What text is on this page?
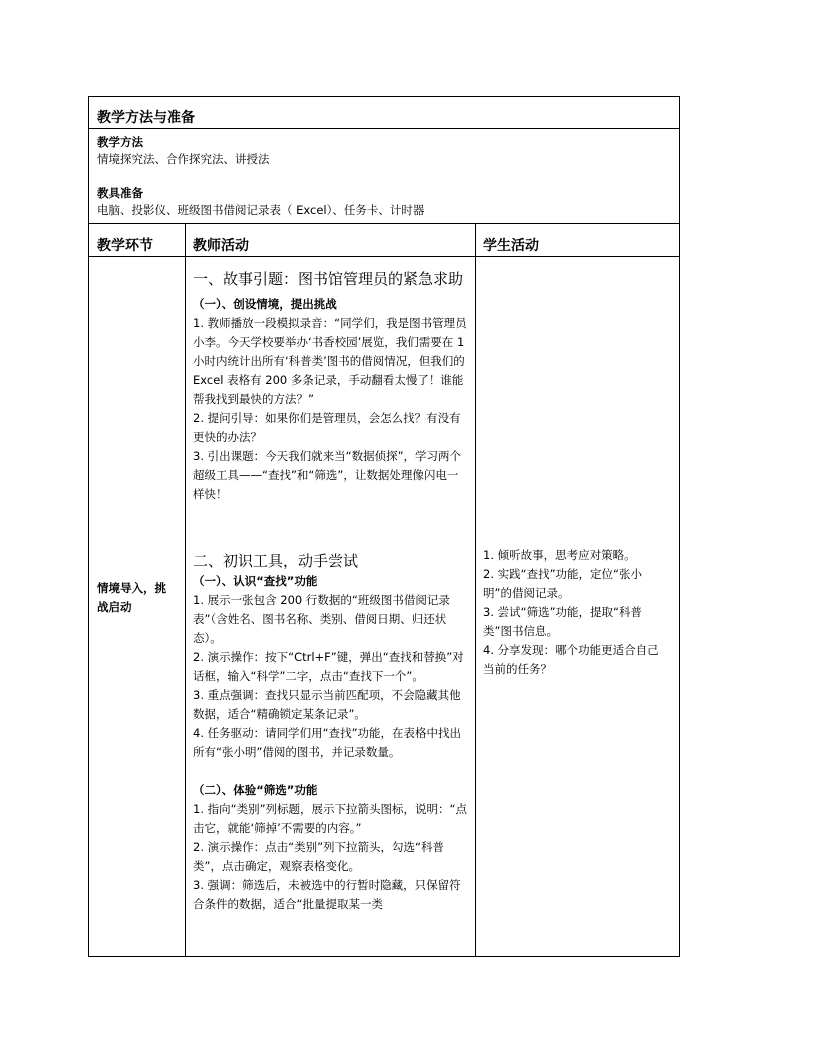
教学方法与准备

教学方法

情境探究法、合作探究法、讲授法

教具准备

电脑、投影仪、班级图书借阅记录表（ Excel）、任务卡、计时器

教学环节	教师活动	学生活动
情境导入，挑战启动

一、故事引题：图书馆管理员的紧急求助

（一）、创设情境，提出挑战

1. 教师播放一段模拟录音：“同学们，我是图书管理员小李。今天学校要举办‘书香校园’展览，我们需要在 1 小时内统计出所有‘科普类’图书的借阅情况，但我们的 Excel 表格有 200 多条记录，手动翻看太慢了！谁能帮我找到最快的方法？”

2. 提问引导：如果你们是管理员，会怎么找？有没有更快的办法？

3. 引出课题：今天我们就来当“数据侦探”，学习两个超级工具——“查找”和“筛选”，让数据处理像闪电一样快！

二、初识工具，动手尝试

（一）、认识“查找”功能

1. 展示一张包含 200 行数据的“班级图书借阅记录表”（含姓名、图书名称、类别、借阅日期、归还状态）。

2. 演示操作：按下“Ctrl+F”键，弹出“查找和替换”对话框，输入“科学”二字，点击“查找下一个”。

3. 重点强调：查找只显示当前匹配项，不会隐藏其他数据，适合“精确锁定某条记录”。

4. 任务驱动：请同学们用“查找”功能，在表格中找出所有“张小明”借阅的图书，并记录数量。

（二）、体验“筛选”功能

1. 指向“类别”列标题，展示下拉箭头图标，说明：“点击它，就能‘筛掉’不需要的内容。”

2. 演示操作：点击“类别”列下拉箭头，勾选“科普类”，点击确定，观察表格变化。

3. 强调：筛选后，未被选中的行暂时隐藏，只保留符合条件的数据，适合“批量提取某一类

1. 倾听故事，思考应对策略。

2. 实践“查找”功能，定位“张小明”的借阅记录。

3. 尝试“筛选”功能，提取“科普类”图书信息。

4. 分享发现：哪个功能更适合自己当前的任务？
